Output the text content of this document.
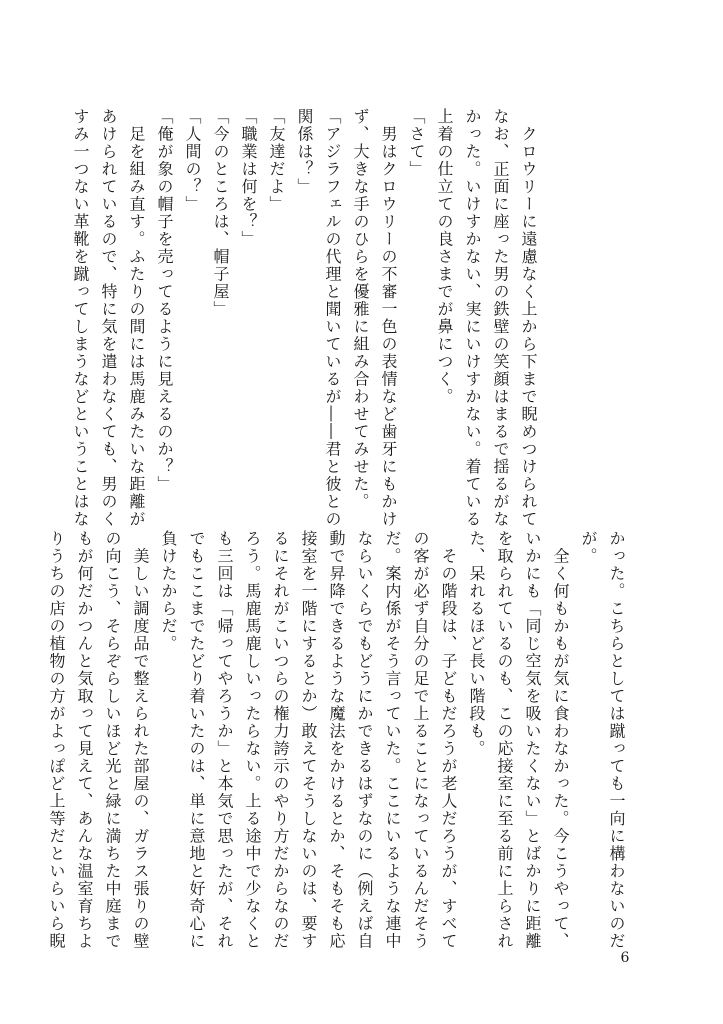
　クロウリーに遠慮なく上から下まで睨めつけられて

なお、正面に座った男の鉄壁の笑顔はまるで揺るがな

かった。いけすかない、実にいけすかない。着ている

上着の仕立ての良さまでが鼻につく。

「さて」

　男はクロウリーの不審一色の表情など歯牙にもかけ

ず、大きな手のひらを優雅に組み合わせてみせた。

「アジラフェルの代理と聞いているが――君と彼との

関係は？」

「友達だよ」

「職業は何を？」

「今のところは、帽子屋」

「人間の？」

「俺が象の帽子を売ってるように見えるのか？」

　足を組み直す。ふたりの間には馬鹿みたいな距離が

あけられているので、特に気を遣わなくても、男のく

すみ一つない革靴を蹴ってしまうなどということはな

かった。こちらとしては蹴っても一向に構わないのだ

が。

　全く何もかもが気に食わなかった。今こうやって、

いかにも「同じ空気を吸いたくない」とばかりに距離

を取られているのも、この応接室に至る前に上らされ

た、呆れるほど長い階段も。

　その階段は、子どもだろうが老人だろうが、すべて

の客が必ず自分の足で上ることになっているんだそう

だ。案内係がそう言っていた。ここにいるような連中

ならいくらでもどうにかできるはずなのに（例えば自

動で昇降できるような魔法をかけるとか、そもそも応

接室を一階にするとか）敢えてそうしないのは、要す

るにそれがこいつらの権力誇示のやり方だからなのだ

ろう。馬鹿馬鹿しいったらない。上る途中で少なくと

も三回は「帰ってやろうか」と本気で思ったが、それ

でもここまでたどり着いたのは、単に意地と好奇心に

負けたからだ。

　美しい調度品で整えられた部屋の、ガラス張りの壁

の向こう、そらぞらしいほど光と緑に満ちた中庭まで

もが何だかつんと気取って見えて、あんな温室育ちよ

りうちの店の植物の方がよっぽど上等だといらいら睨

6
